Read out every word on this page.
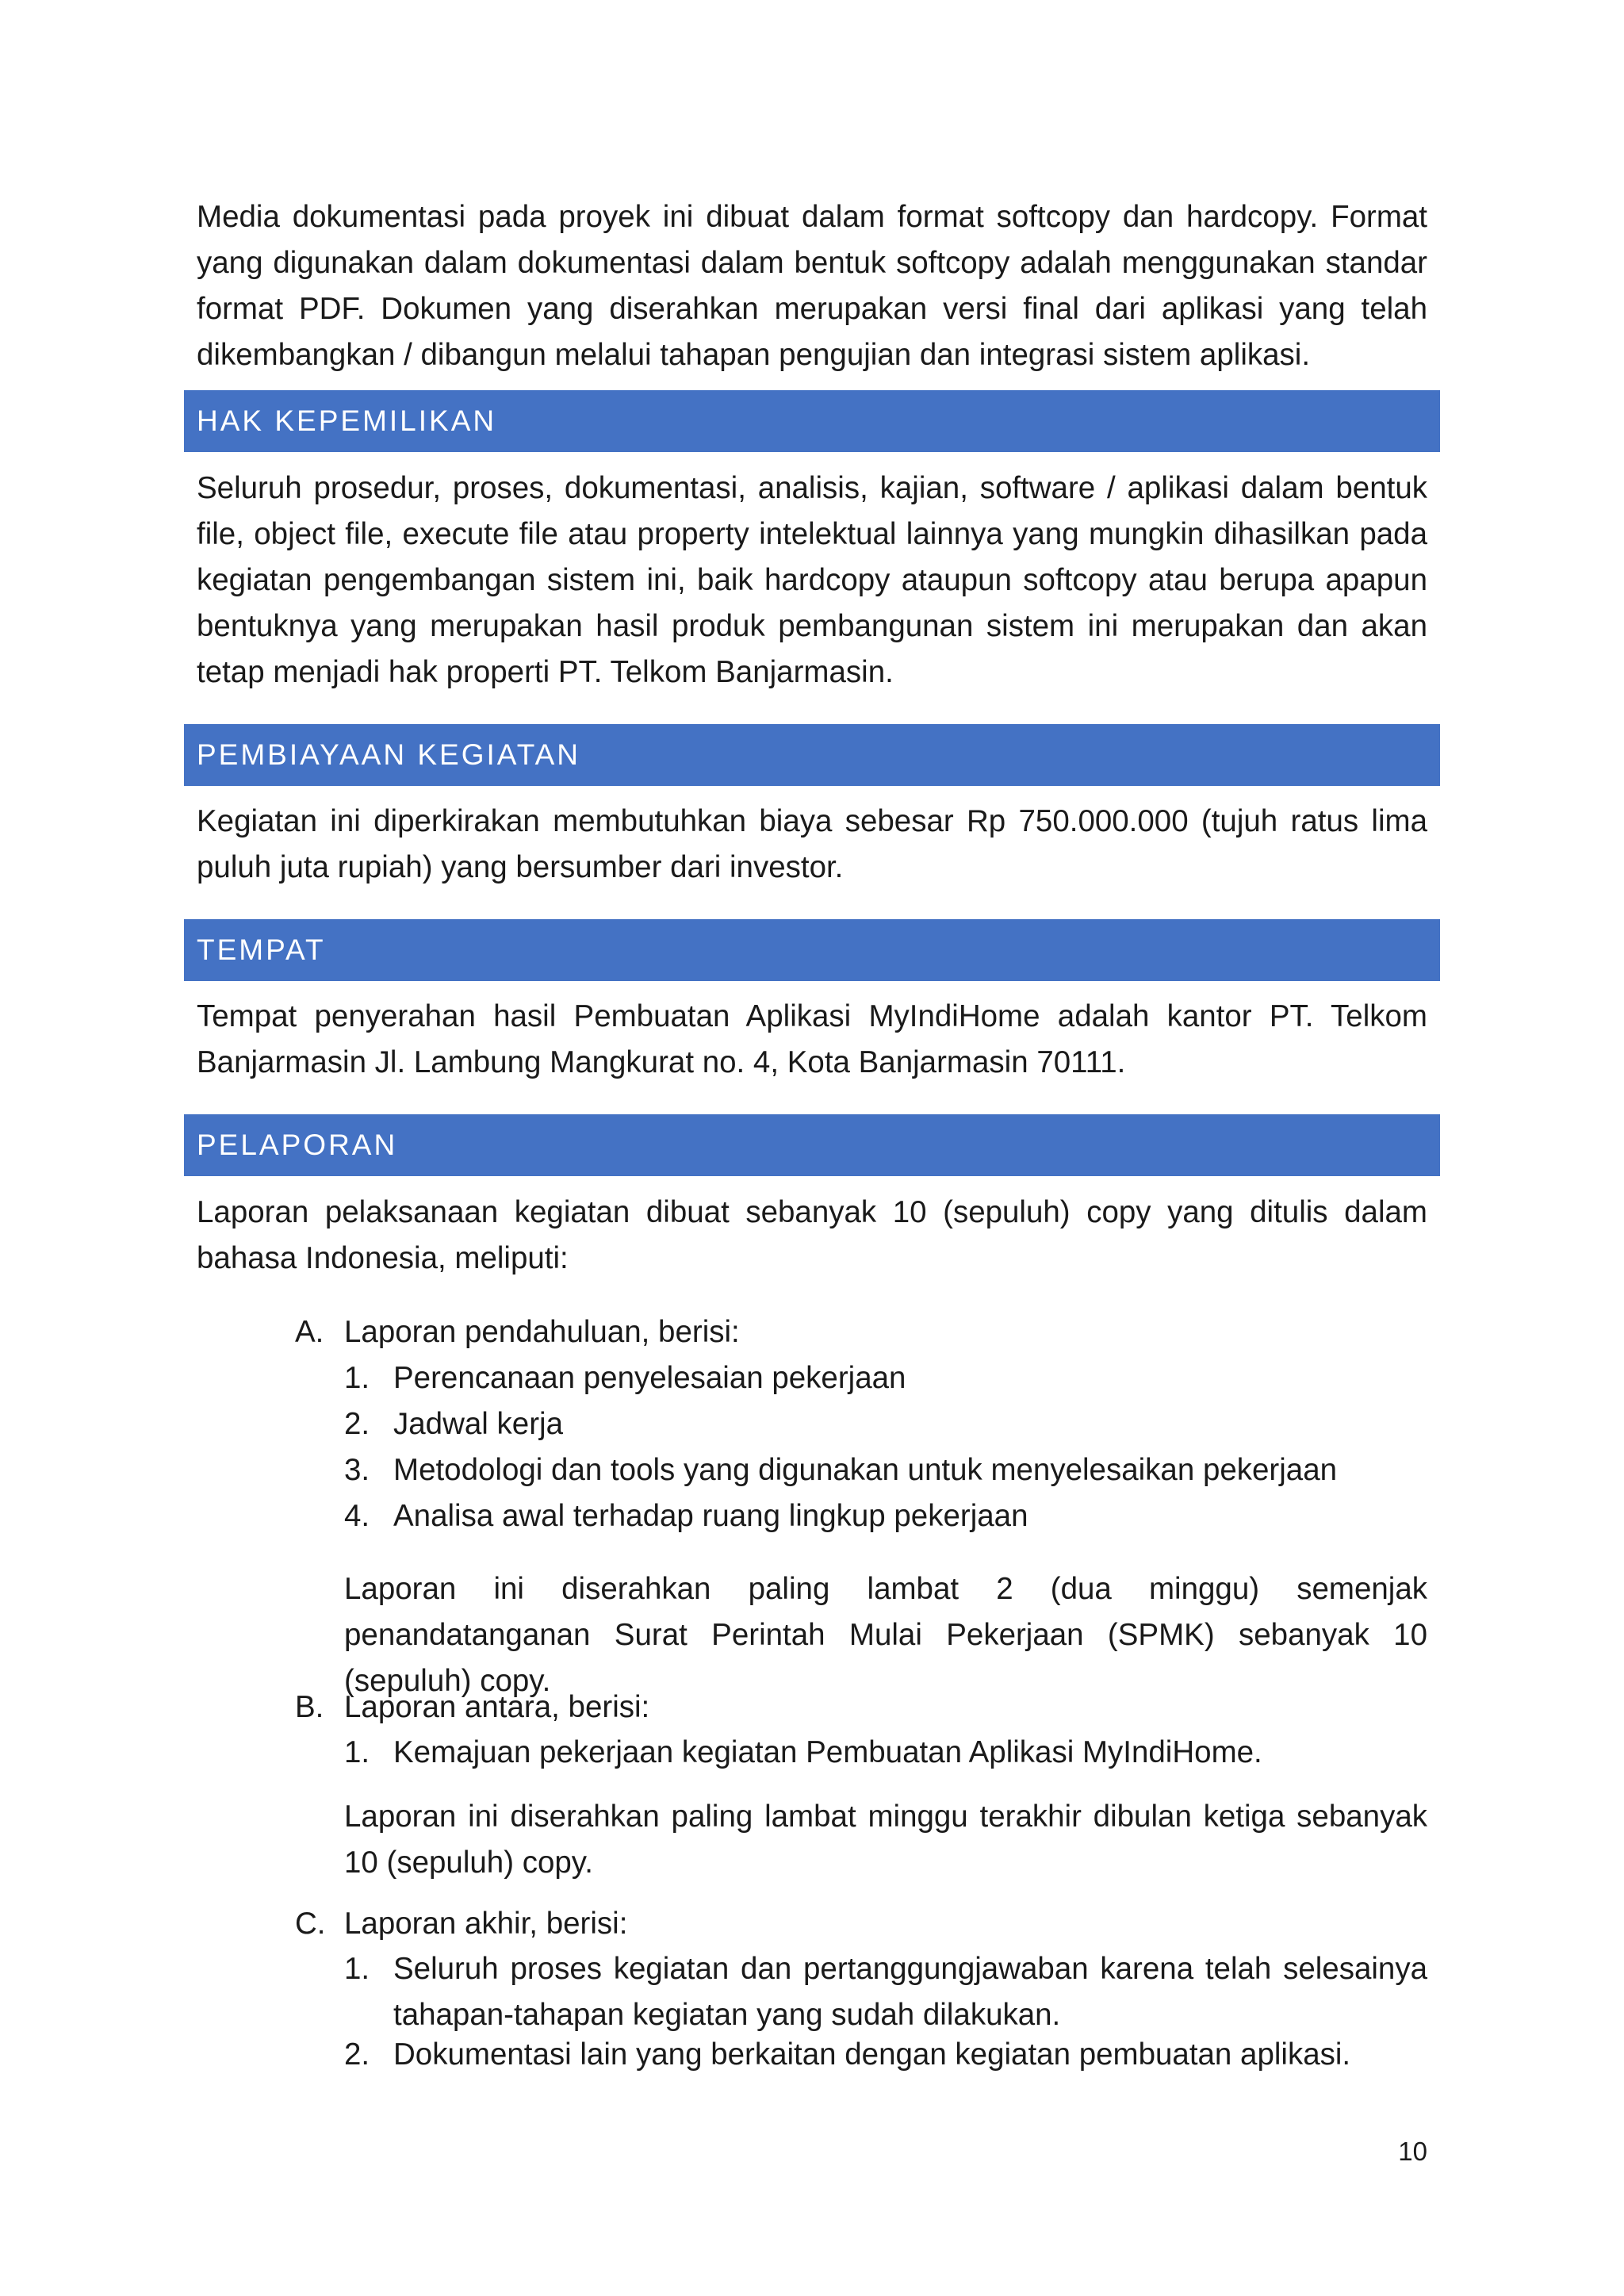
Media dokumentasi pada proyek ini dibuat dalam format softcopy dan hardcopy. Format yang digunakan dalam dokumentasi dalam bentuk softcopy adalah menggunakan standar format PDF. Dokumen yang diserahkan merupakan versi final dari aplikasi yang telah dikembangkan / dibangun melalui tahapan pengujian dan integrasi sistem aplikasi.

HAK KEPEMILIKAN

Seluruh prosedur, proses, dokumentasi, analisis, kajian, software / aplikasi dalam bentuk file, object file, execute file atau property intelektual lainnya yang mungkin dihasilkan pada kegiatan pengembangan sistem ini, baik hardcopy ataupun softcopy atau berupa apapun bentuknya yang merupakan hasil produk pembangunan sistem ini merupakan dan akan tetap menjadi hak properti PT. Telkom Banjarmasin.

PEMBIAYAAN KEGIATAN

Kegiatan ini diperkirakan membutuhkan biaya sebesar Rp 750.000.000 (tujuh ratus lima puluh juta rupiah) yang bersumber dari investor.

TEMPAT

Tempat penyerahan hasil Pembuatan Aplikasi MyIndiHome adalah kantor PT. Telkom Banjarmasin Jl. Lambung Mangkurat no. 4, Kota Banjarmasin 70111.

PELAPORAN

Laporan pelaksanaan kegiatan dibuat sebanyak 10 (sepuluh) copy yang ditulis dalam bahasa Indonesia, meliputi:

A. Laporan pendahuluan, berisi:
1. Perencanaan penyelesaian pekerjaan
2. Jadwal kerja
3. Metodologi dan tools yang digunakan untuk menyelesaikan pekerjaan
4. Analisa awal terhadap ruang lingkup pekerjaan

Laporan ini diserahkan paling lambat 2 (dua minggu) semenjak penandatanganan Surat Perintah Mulai Pekerjaan (SPMK) sebanyak 10 (sepuluh) copy.

B. Laporan antara, berisi:
1. Kemajuan pekerjaan kegiatan Pembuatan Aplikasi MyIndiHome.

Laporan ini diserahkan paling lambat minggu terakhir dibulan ketiga sebanyak 10 (sepuluh) copy.

C. Laporan akhir, berisi:
1. Seluruh proses kegiatan dan pertanggungjawaban karena telah selesainya tahapan-tahapan kegiatan yang sudah dilakukan.

2. Dokumentasi lain yang berkaitan dengan kegiatan pembuatan aplikasi.
10
